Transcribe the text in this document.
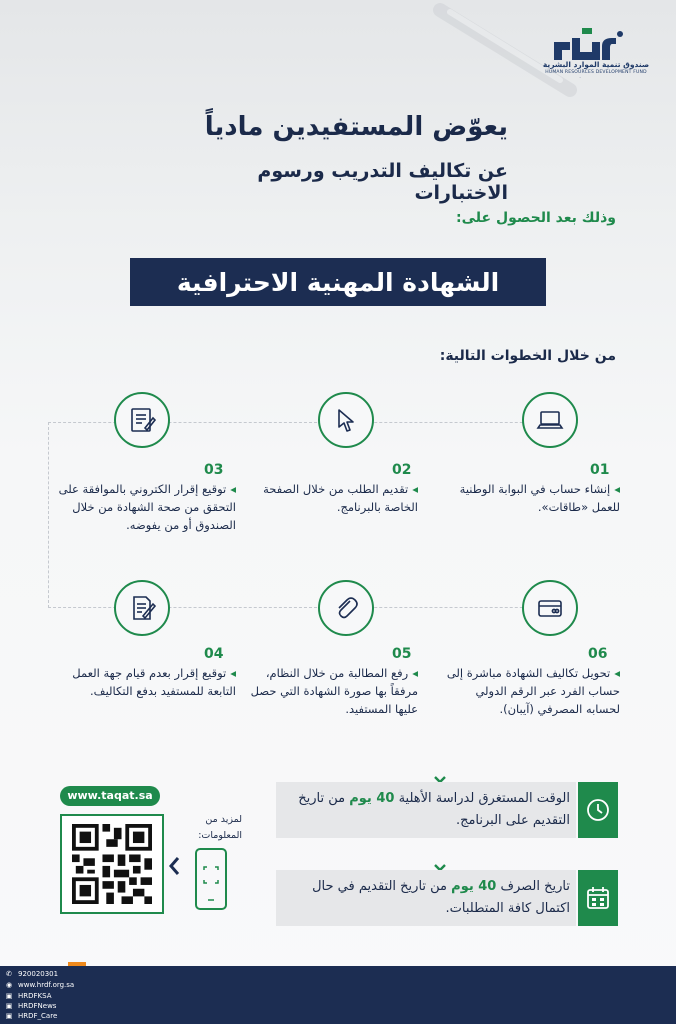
هدف
صندوق تنمية الموارد البشرية
HUMAN RESOURCES DEVELOPMENT FUND
يعوّض المستفيدين مادياً
عن تكاليف التدريب ورسوم الاختبارات
وذلك بعد الحصول على:
الشهادة المهنية الاحترافية
من خلال الخطوات التالية:
01
◂ إنشاء حساب في البوابة الوطنية للعمل «طاقات».
02
◂ تقديم الطلب من خلال الصفحة الخاصة بالبرنامج.
03
◂ توقيع إقرار الكتروني بالموافقة على التحقق من صحة الشهادة من خلال الصندوق أو من يفوضه.
04
◂ توقيع إقرار بعدم قيام جهة العمل التابعة للمستفيد بدفع التكاليف.
05
◂ رفع المطالبة من خلال النظام، مرفقاً بها صورة الشهادة التي حصل عليها المستفيد.
06
◂ تحويل تكاليف الشهادة مباشرة إلى حساب الفرد عبر الرقم الدولي لحسابه المصرفي (آيبان).
الوقت المستغرق لدراسة الأهلية 40 يوم من تاريخ التقديم على البرنامج.
تاريخ الصرف 40 يوم من تاريخ التقديم في حال اكتمال كافة المتطلبات.
www.taqat.sa
لمزيد من المعلومات:
✆ 920020301
◉ www.hrdf.org.sa
▣ HRDFKSA
▣ HRDFNews
▣ HRDF_Care
